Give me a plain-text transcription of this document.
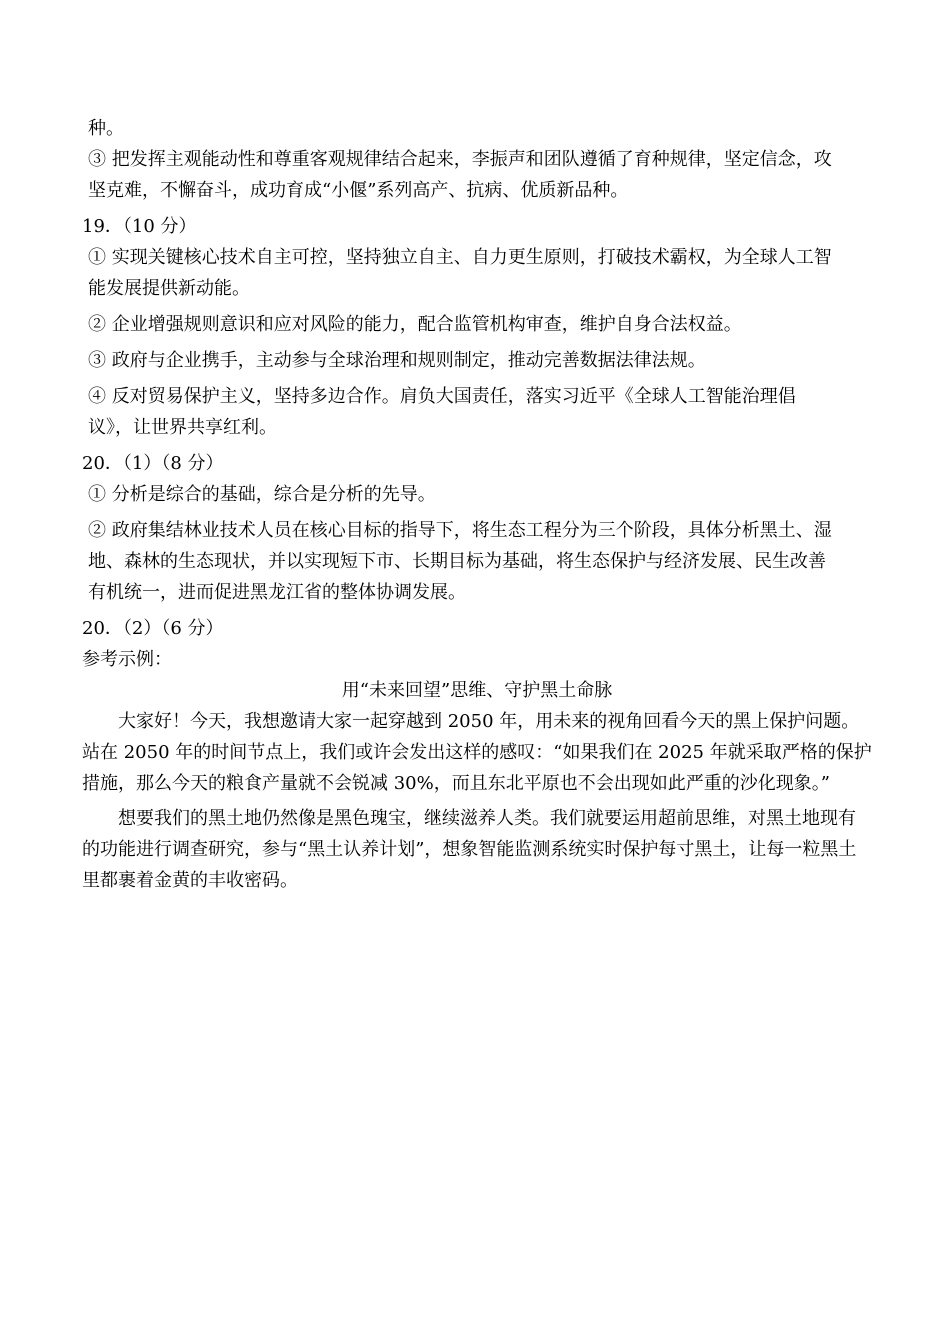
种。
③ 把发挥主观能动性和尊重客观规律结合起来，李振声和团队遵循了育种规律，坚定信念，攻坚克难，不懈奋斗，成功育成“小偃”系列高产、抗病、优质新品种。
19．（10 分）
① 实现关键核心技术自主可控，坚持独立自主、自力更生原则，打破技术霸权，为全球人工智能发展提供新动能。
② 企业增强规则意识和应对风险的能力，配合监管机构审查，维护自身合法权益。
③ 政府与企业携手，主动参与全球治理和规则制定，推动完善数据法律法规。
④ 反对贸易保护主义，坚持多边合作。肩负大国责任，落实习近平《全球人工智能治理倡议》，让世界共享红利。
20．（1）（8 分）
① 分析是综合的基础，综合是分析的先导。
② 政府集结林业技术人员在核心目标的指导下，将生态工程分为三个阶段，具体分析黑土、湿地、森林的生态现状，并以实现短下市、长期目标为基础，将生态保护与经济发展、民生改善有机统一，进而促进黑龙江省的整体协调发展。
20．（2）（6 分）
参考示例：
用“未来回望”思维、守护黑土命脉

大家好！今天，我想邀请大家一起穿越到 2050 年，用未来的视角回看今天的黑上保护问题。站在 2050 年的时间节点上，我们或许会发出这样的感叹：“如果我们在 2025 年就采取严格的保护措施，那么今天的粮食产量就不会锐减 30%，而且东北平原也不会出现如此严重的沙化现象。”

想要我们的黑土地仍然像是黑色瑰宝，继续滋养人类。我们就要运用超前思维，对黑土地现有的功能进行调查研究，参与“黑土认养计划”，想象智能监测系统实时保护每寸黑土，让每一粒黑土里都裹着金黄的丰收密码。
